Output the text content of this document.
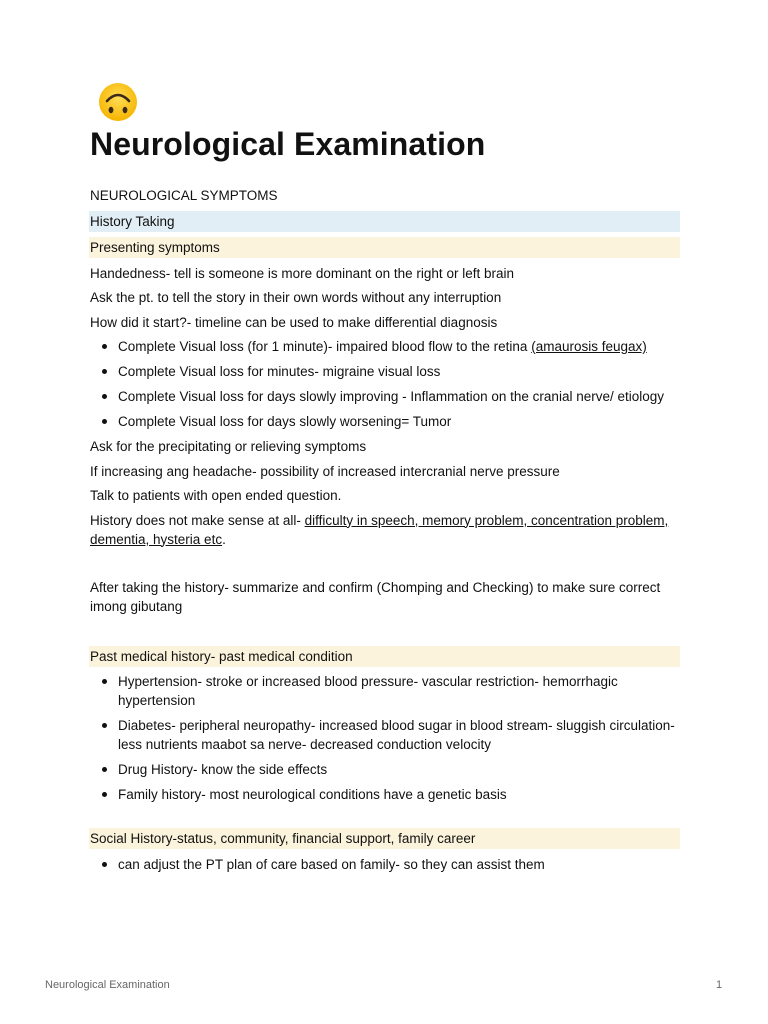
Neurological Examination
NEUROLOGICAL SYMPTOMS
History Taking
Presenting symptoms
Handedness- tell is someone is more dominant on the right or left brain
Ask the pt. to tell the story in their own words without any interruption
How did it start?- timeline can be used to make differential diagnosis
Complete Visual loss (for 1 minute)- impaired blood flow to the retina (amaurosis feugax)
Complete Visual loss for minutes- migraine visual loss
Complete Visual loss for days slowly improving - Inflammation on the cranial nerve/ etiology
Complete Visual loss for days slowly worsening= Tumor
Ask for the precipitating or relieving symptoms
If increasing ang headache- possibility of increased intercranial nerve pressure
Talk to patients with open ended question.
History does not make sense at all- difficulty in speech, memory problem, concentration problem, dementia, hysteria etc.
After taking the history- summarize and confirm (Chomping and Checking) to make sure correct imong gibutang
Past medical history- past medical condition
Hypertension- stroke or increased blood pressure- vascular restriction- hemorrhagic hypertension
Diabetes- peripheral neuropathy- increased blood sugar in blood stream- sluggish circulation- less nutrients maabot sa nerve- decreased conduction velocity
Drug History- know the side effects
Family history- most neurological conditions have a genetic basis
Social History-status, community, financial support, family career
can adjust the PT plan of care based on family- so they can assist them
Neurological Examination	1
